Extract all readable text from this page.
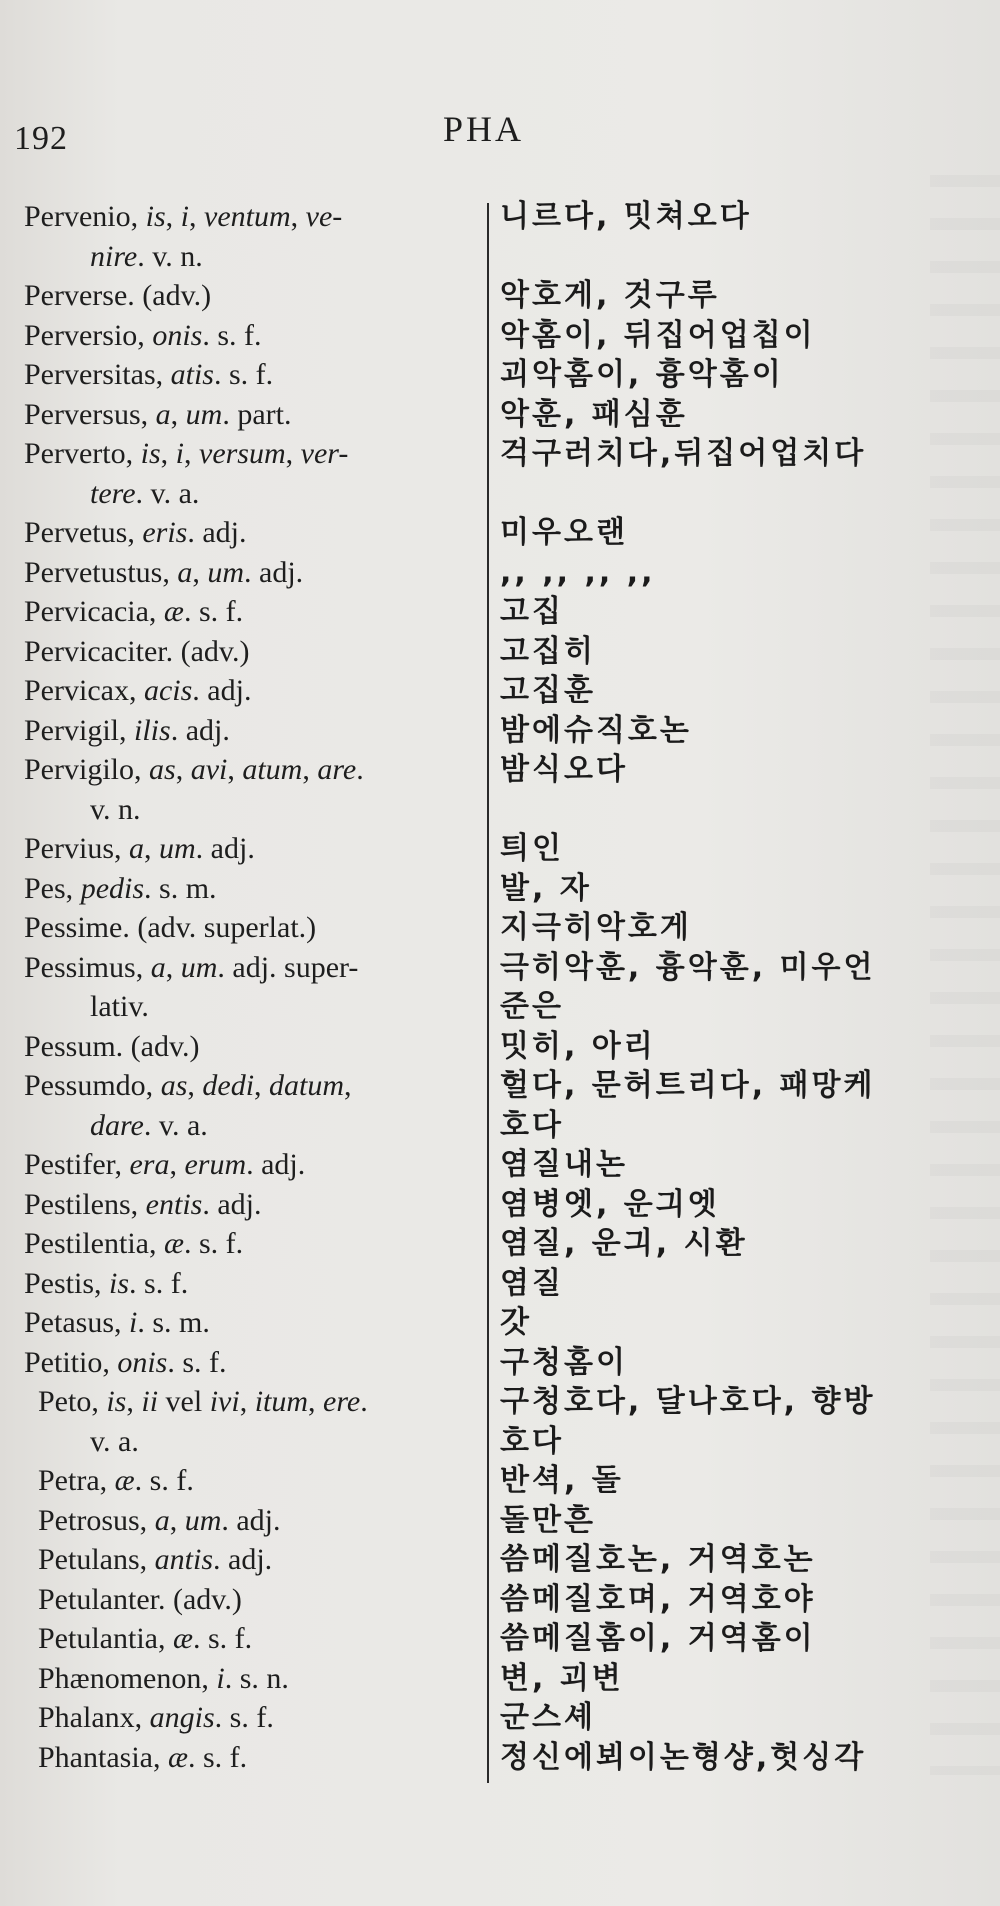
192	PHA
Pervenio, is, i, ventum, ve-	니르다, 밋쳐오다
nire. v. n.
Perverse. (adv.)	악호게, 것구루
Perversio, onis. s. f.	악홈이, 뒤집어업칩이
Perversitas, atis. s. f.	괴악홈이, 흉악홈이
Perversus, a, um. part.	악훈, 패심훈
Perverto, is, i, versum, ver-	걱구러치다,뒤집어업치다
tere. v. a.
Pervetus, eris. adj.	미우오랜
Pervetustus, a, um. adj.	,, ,, ,, ,,
Pervicacia, æ. s. f.	고집
Pervicaciter. (adv.)	고집히
Pervicax, acis. adj.	고집훈
Pervigil, ilis. adj.	밤에슈직호논
Pervigilo, as, avi, atum, are.	밤식오다
v. n.
Pervius, a, um. adj.	틔인
Pes, pedis. s. m.	발, 자
Pessime. (adv. superlat.)	지극히악호게
Pessimus, a, um. adj. super-	극히악훈, 흉악훈, 미우언
lativ.	준은
Pessum. (adv.)	밋히, 아리
Pessumdo, as, dedi, datum,	헐다, 문허트리다, 패망케
dare. v. a.	호다
Pestifer, era, erum. adj.	염질내논
Pestilens, entis. adj.	염병엣, 운긔엣
Pestilentia, æ. s. f.	염질, 운긔, 시환
Pestis, is. s. f.	염질
Petasus, i. s. m.	갓
Petitio, onis. s. f.	구청홈이
Peto, is, ii vel ivi, itum, ere.	구청호다, 달나호다, 향방
v. a.	호다
Petra, æ. s. f.	반셕, 돌
Petrosus, a, um. adj.	돌만흔
Petulans, antis. adj.	씀메질호논, 거역호논
Petulanter. (adv.)	씀메질호며, 거역호야
Petulantia, æ. s. f.	씀메질홈이, 거역홈이
Phænomenon, i. s. n.	변, 괴변
Phalanx, angis. s. f.	군스셰
Phantasia, æ. s. f.	정신에뵈이논형샹,헛싱각
